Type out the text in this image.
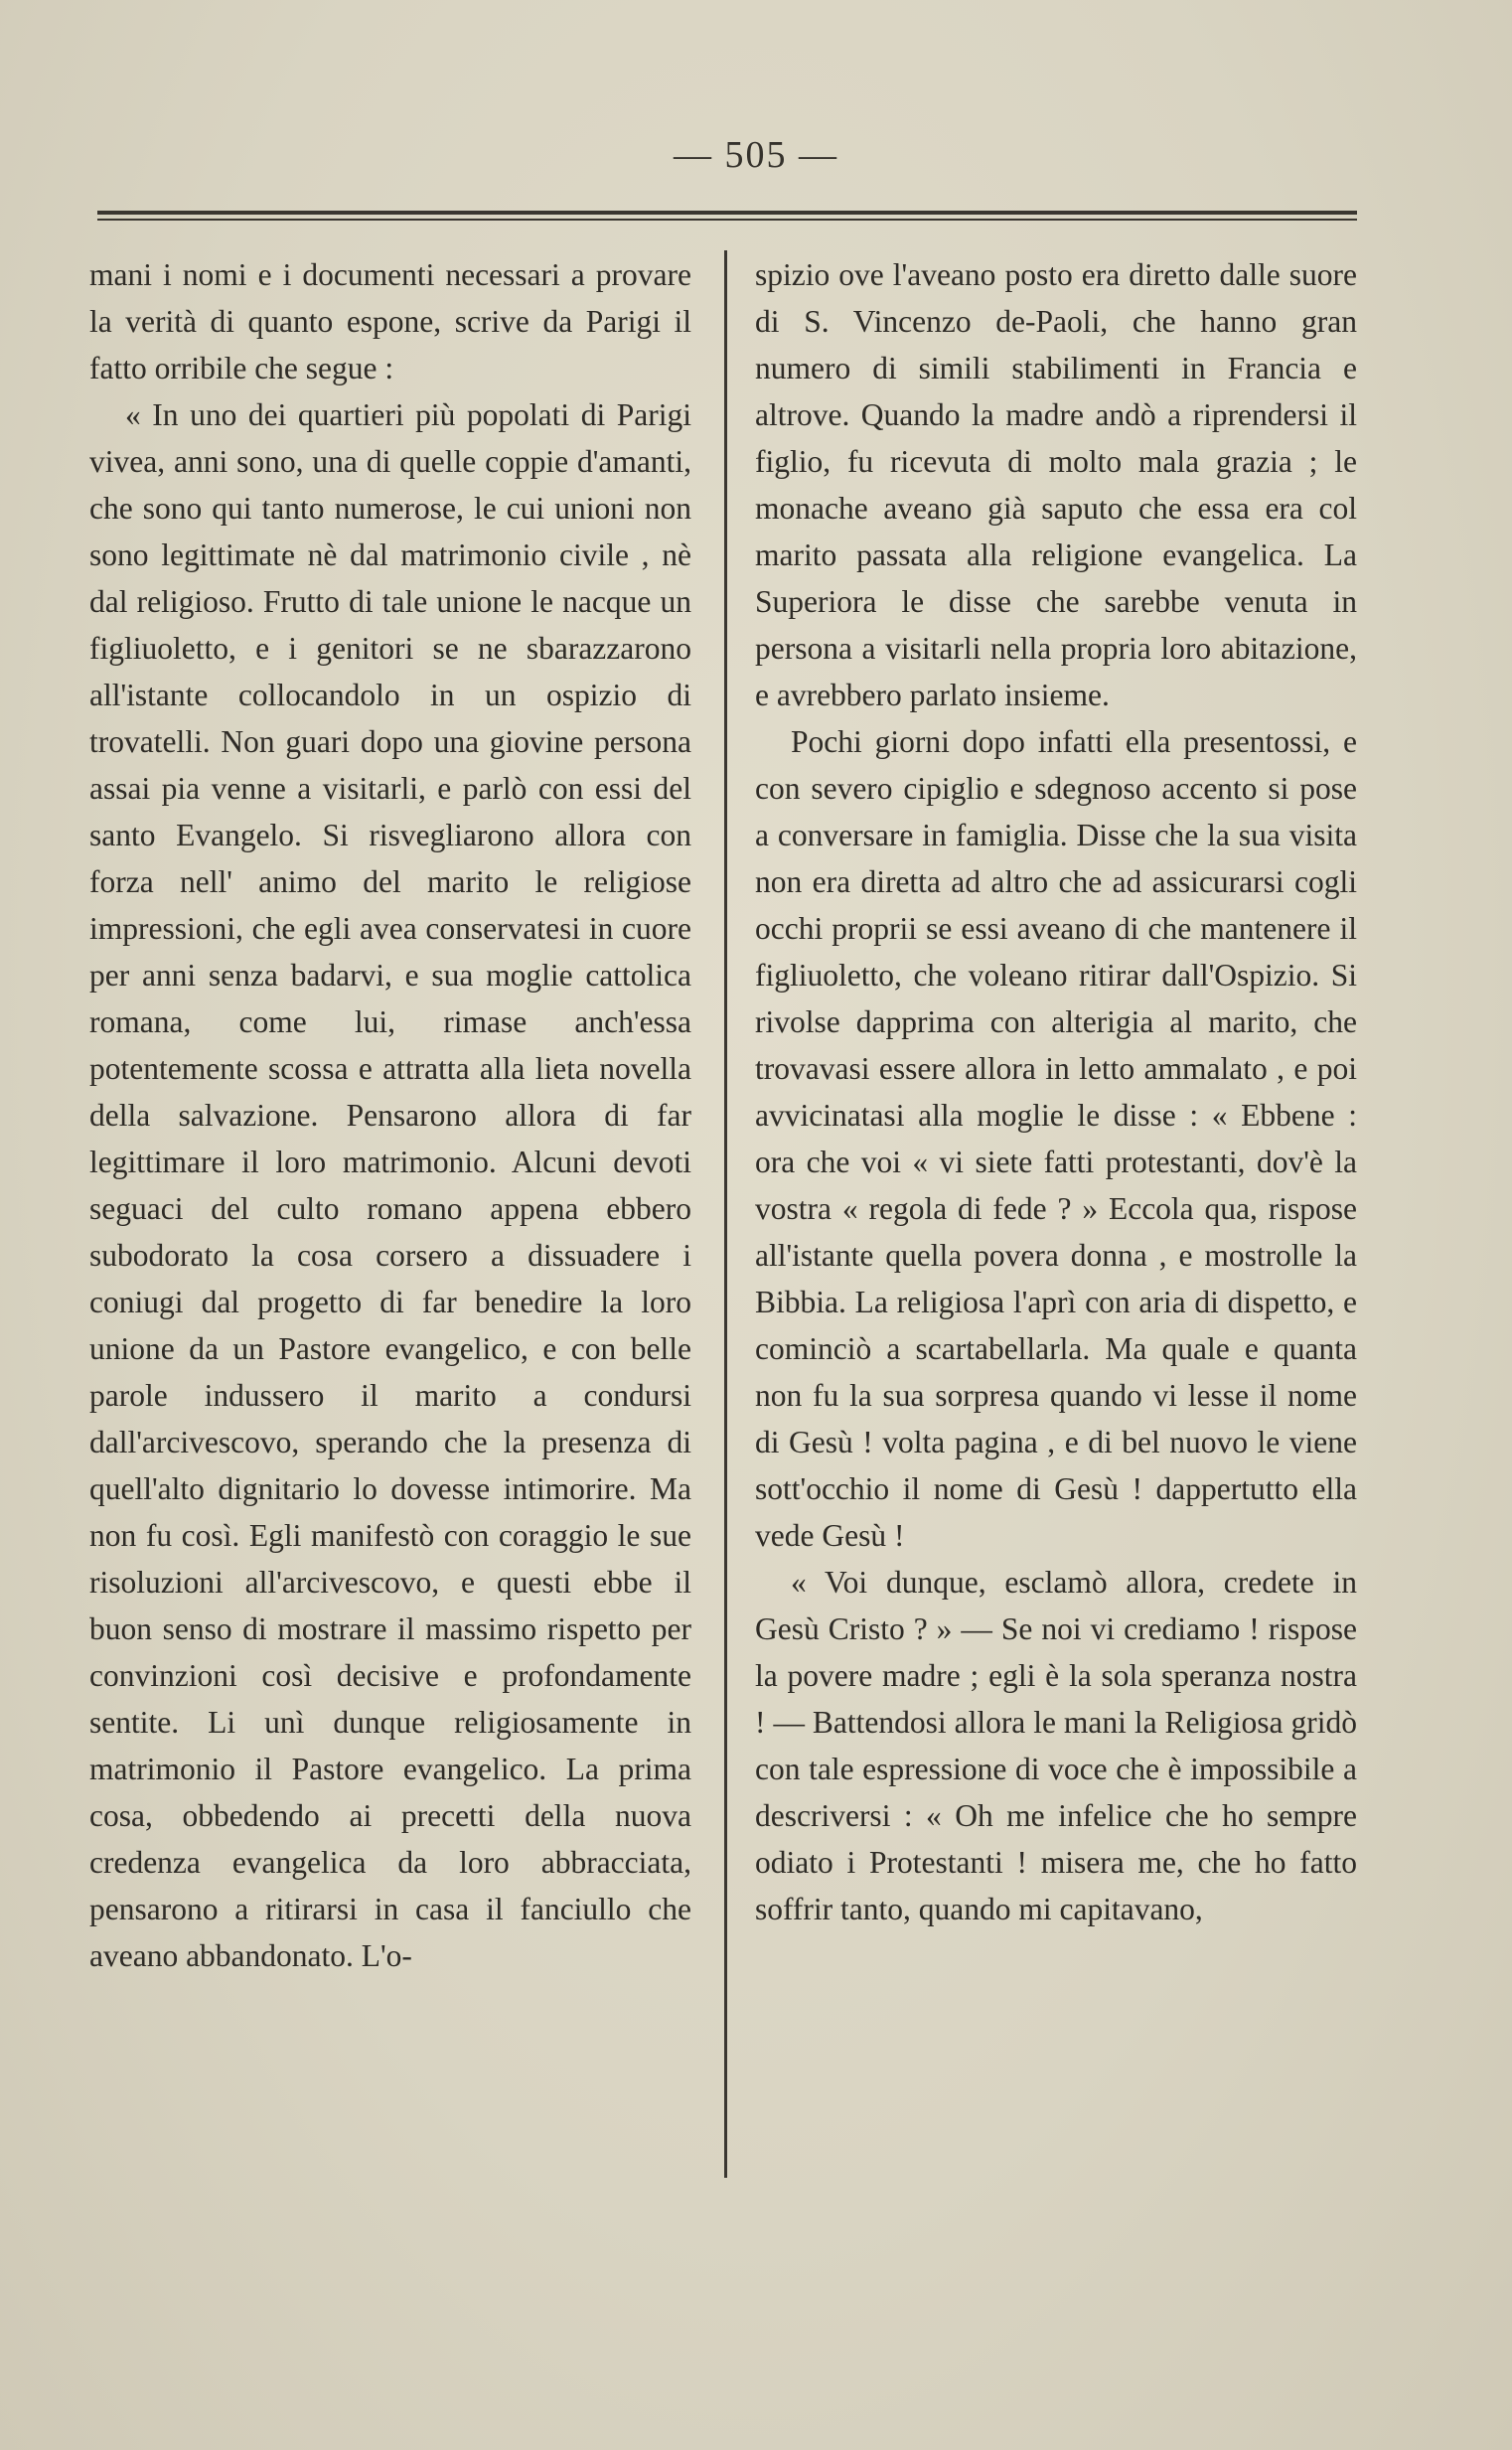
— 505 —

mani i nomi e i documenti necessari a provare la verità di quanto espone, scrive da Parigi il fatto orribile che segue :

« In uno dei quartieri più popolati di Parigi vivea, anni sono, una di quelle coppie d'amanti, che sono qui tanto numerose, le cui unioni non sono legittimate nè dal matrimonio civile , nè dal religioso. Frutto di tale unione le nacque un figliuoletto, e i genitori se ne sbarazzarono all'istante collocandolo in un ospizio di trovatelli. Non guari dopo una giovine persona assai pia venne a visitarli, e parlò con essi del santo Evangelo. Si risvegliarono allora con forza nell' animo del marito le religiose impressioni, che egli avea conservatesi in cuore per anni senza badarvi, e sua moglie cattolica romana, come lui, rimase anch'essa potentemente scossa e attratta alla lieta novella della salvazione. Pensarono allora di far legittimare il loro matrimonio. Alcuni devoti seguaci del culto romano appena ebbero subodorato la cosa corsero a dissuadere i coniugi dal progetto di far benedire la loro unione da un Pastore evangelico, e con belle parole indussero il marito a condursi dall'arcivescovo, sperando che la presenza di quell'alto dignitario lo dovesse intimorire. Ma non fu così. Egli manifestò con coraggio le sue risoluzioni all'arcivescovo, e questi ebbe il buon senso di mostrare il massimo rispetto per convinzioni così decisive e profondamente sentite. Li unì dunque religiosamente in matrimonio il Pastore evangelico. La prima cosa, obbedendo ai precetti della nuova credenza evangelica da loro abbracciata, pensarono a ritirarsi in casa il fanciullo che aveano abbandonato. L'o-

spizio ove l'aveano posto era diretto dalle suore di S. Vincenzo de-Paoli, che hanno gran numero di simili stabilimenti in Francia e altrove. Quando la madre andò a riprendersi il figlio, fu ricevuta di molto mala grazia ; le monache aveano già saputo che essa era col marito passata alla religione evangelica. La Superiora le disse che sarebbe venuta in persona a visitarli nella propria loro abitazione, e avrebbero parlato insieme.

Pochi giorni dopo infatti ella presentossi, e con severo cipiglio e sdegnoso accento si pose a conversare in famiglia. Disse che la sua visita non era diretta ad altro che ad assicurarsi cogli occhi proprii se essi aveano di che mantenere il figliuoletto, che voleano ritirar dall'Ospizio. Si rivolse dapprima con alterigia al marito, che trovavasi essere allora in letto ammalato , e poi avvicinatasi alla moglie le disse : « Ebbene : ora che voi « vi siete fatti protestanti, dov'è la vostra « regola di fede ? » Eccola qua, rispose all'istante quella povera donna , e mostrolle la Bibbia. La religiosa l'aprì con aria di dispetto, e cominciò a scartabellarla. Ma quale e quanta non fu la sua sorpresa quando vi lesse il nome di Gesù ! volta pagina , e di bel nuovo le viene sott'occhio il nome di Gesù ! dappertutto ella vede Gesù !

« Voi dunque, esclamò allora, credete in Gesù Cristo ? » — Se noi vi crediamo ! rispose la povere madre ; egli è la sola speranza nostra ! — Battendosi allora le mani la Religiosa gridò con tale espressione di voce che è impossibile a descriversi : « Oh me infelice che ho sempre odiato i Protestanti ! misera me, che ho fatto soffrir tanto, quando mi capitavano,
